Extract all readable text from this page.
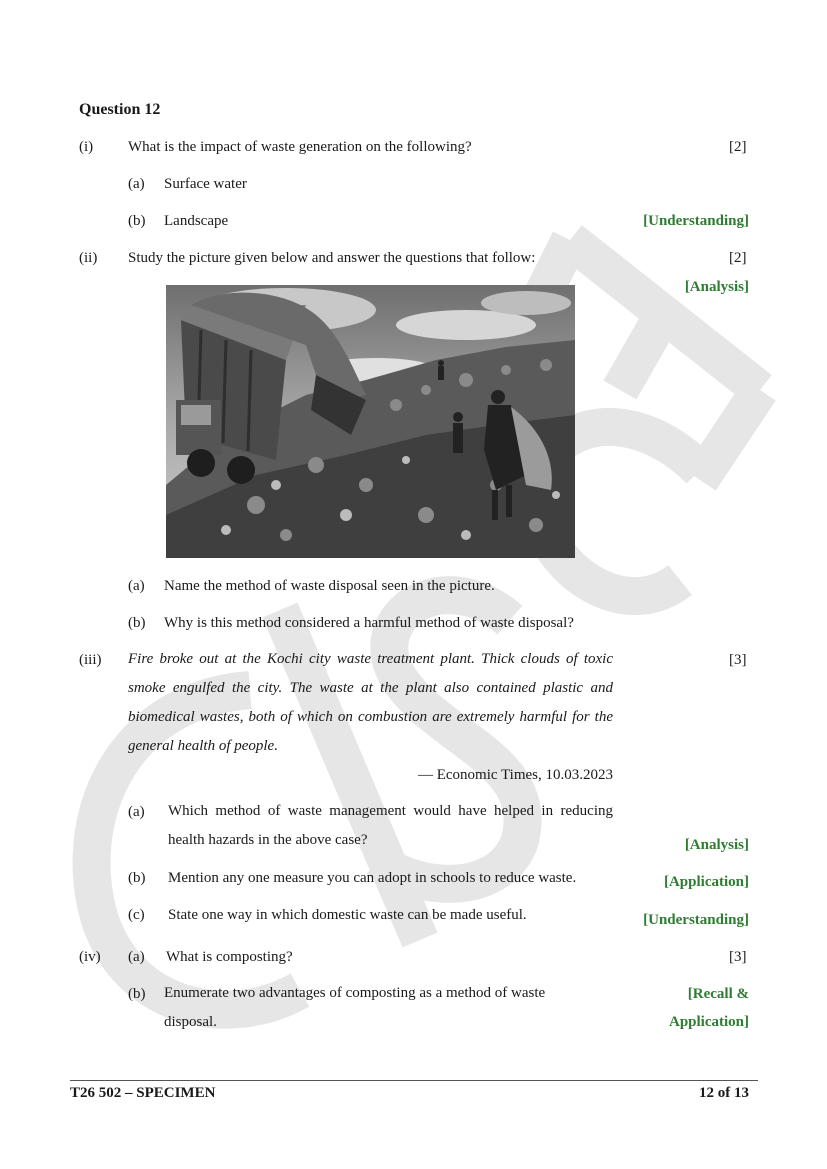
Question 12
(i) What is the impact of waste generation on the following?	[2]
(a) Surface water
(b) Landscape	[Understanding]
(ii) Study the picture given below and answer the questions that follow:	[2]
[Analysis]
(a) Name the method of waste disposal seen in the picture.
(b) Why is this method considered a harmful method of waste disposal?
(iii) Fire broke out at the Kochi city waste treatment plant. Thick clouds of toxic smoke engulfed the city. The waste at the plant also contained plastic and biomedical wastes, both of which on combustion are extremely harmful for the general health of people.
[3]
— Economic Times, 10.03.2023
(a) Which method of waste management would have helped in reducing health hazards in the above case?	[Analysis]
(b) Mention any one measure you can adopt in schools to reduce waste.	[Application]
(c) State one way in which domestic waste can be made useful.	[Understanding]
(iv) (a) What is composting?	[3]
(b) Enumerate two advantages of composting as a method of waste disposal.
[Recall &
Application]
T26 502 – SPECIMEN	12 of 13
